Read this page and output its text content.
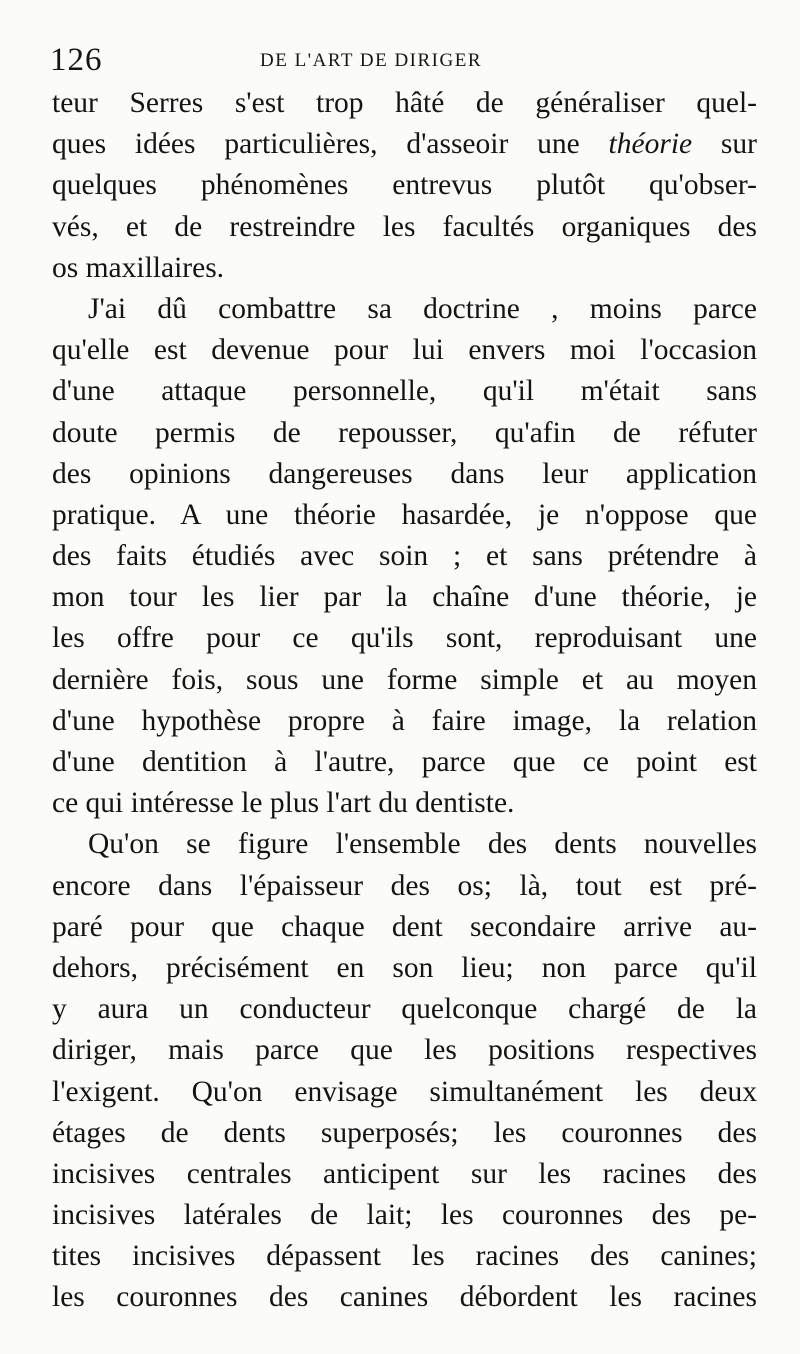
126	DE L'ART DE DIRIGER
teur Serres s'est trop hâté de généraliser quel-
ques idées particulières, d'asseoir une théorie sur
quelques phénomènes entrevus plutôt qu'obser-
vés, et de restreindre les facultés organiques des
os maxillaires.
J'ai dû combattre sa doctrine , moins parce
qu'elle est devenue pour lui envers moi l'occasion
d'une attaque personnelle, qu'il m'était sans
doute permis de repousser, qu'afin de réfuter
des opinions dangereuses dans leur application
pratique. A une théorie hasardée, je n'oppose que
des faits étudiés avec soin ; et sans prétendre à
mon tour les lier par la chaîne d'une théorie, je
les offre pour ce qu'ils sont, reproduisant une
dernière fois, sous une forme simple et au moyen
d'une hypothèse propre à faire image, la relation
d'une dentition à l'autre, parce que ce point est
ce qui intéresse le plus l'art du dentiste.
Qu'on se figure l'ensemble des dents nouvelles
encore dans l'épaisseur des os; là, tout est pré-
paré pour que chaque dent secondaire arrive au-
dehors, précisément en son lieu; non parce qu'il
y aura un conducteur quelconque chargé de la
diriger, mais parce que les positions respectives
l'exigent. Qu'on envisage simultanément les deux
étages de dents superposés; les couronnes des
incisives centrales anticipent sur les racines des
incisives latérales de lait; les couronnes des pe-
tites incisives dépassent les racines des canines;
les couronnes des canines débordent les racines
